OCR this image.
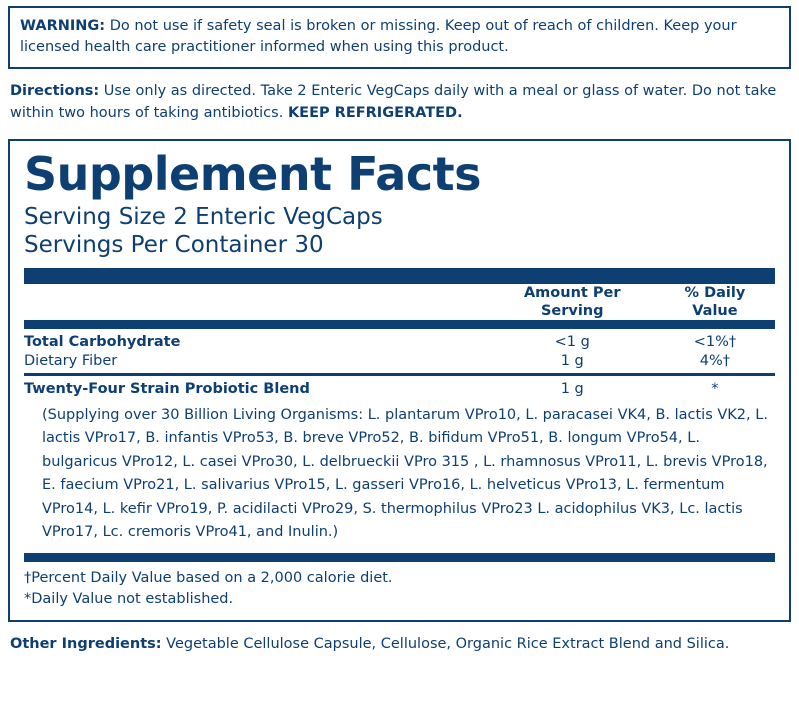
WARNING: Do not use if safety seal is broken or missing. Keep out of reach of children. Keep your licensed health care practitioner informed when using this product.
Directions: Use only as directed. Take 2 Enteric VegCaps daily with a meal or glass of water. Do not take within two hours of taking antibiotics. KEEP REFRIGERATED.
Supplement Facts
Serving Size 2 Enteric VegCaps
Servings Per Container 30

Amount Per
Serving

% Daily
Value
Total Carbohydrate	<1 g	<1%†
Dietary Fiber	1 g	4%†
Twenty-Four Strain Probiotic Blend	1 g	*
(Supplying over 30 Billion Living Organisms: L. plantarum VPro10, L. paracasei VK4, B. lactis VK2, L. lactis VPro17, B. infantis VPro53, B. breve VPro52, B. bifidum VPro51, B. longum VPro54, L. bulgaricus VPro12, L. casei VPro30, L. delbrueckii VPro 315 , L. rhamnosus VPro11, L. brevis VPro18, E. faecium VPro21, L. salivarius VPro15, L. gasseri VPro16, L. helveticus VPro13, L. fermentum VPro14, L. kefir VPro19, P. acidilacti VPro29, S. thermophilus VPro23 L. acidophilus VK3, Lc. lactis VPro17, Lc. cremoris VPro41, and Inulin.)
†Percent Daily Value based on a 2,000 calorie diet.
*Daily Value not established.
Other Ingredients: Vegetable Cellulose Capsule, Cellulose, Organic Rice Extract Blend and Silica.
